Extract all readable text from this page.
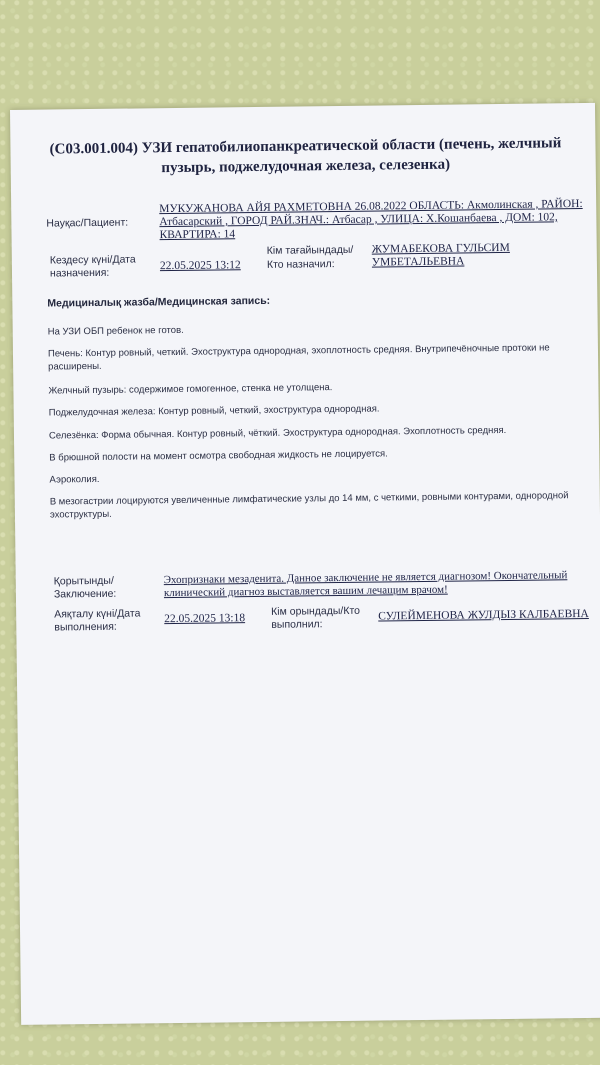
(С03.001.004) УЗИ гепатобилиопанкреатической области (печень, желчный пузырь, поджелудочная железа, селезенка)
Науқас/Пациент:
МУКУЖАНОВА АЙЯ РАХМЕТОВНА 26.08.2022 ОБЛАСТЬ: Акмолинская , РАЙОН:
Атбасарский , ГОРОД РАЙ.ЗНАЧ.: Атбасар , УЛИЦА: Х.Кошанбаева , ДОМ: 102,
КВАРТИРА: 14
Кездесу күні/Дата
назначения:
22.05.2025 13:12
Кім тағайындады/
Кто назначил:
ЖУМАБЕКОВА ГУЛЬСИМ
УМБЕТАЛЬЕВНА
Медициналық жазба/Медицинская запись:
На УЗИ ОБП ребенок не готов.
Печень: Контур ровный, четкий. Эхоструктура однородная, эхоплотность средняя. Внутрипечёночные протоки не расширены.
Желчный пузырь: содержимое гомогенное, стенка не утолщена.
Поджелудочная железа: Контур ровный, четкий, эхоструктура однородная.
Селезёнка: Форма обычная. Контур ровный, чёткий. Эхоструктура однородная. Эхоплотность средняя.
В брюшной полости на момент осмотра свободная жидкость не лоцируется.
Аэроколия.
В мезогастрии лоцируются увеличенные лимфатические узлы до 14 мм, с четкими, ровными контурами, однородной эхоструктуры.
Қорытынды/
Заключение:
Эхопризнаки мезаденита. Данное заключение не является диагнозом! Окончательный
клинический диагноз выставляется вашим лечащим врачом!
Аяқталу күні/Дата
выполнения:
22.05.2025 13:18
Кім орындады/Кто
выполнил:
СУЛЕЙМЕНОВА ЖУЛДЫЗ КАЛБАЕВНА
